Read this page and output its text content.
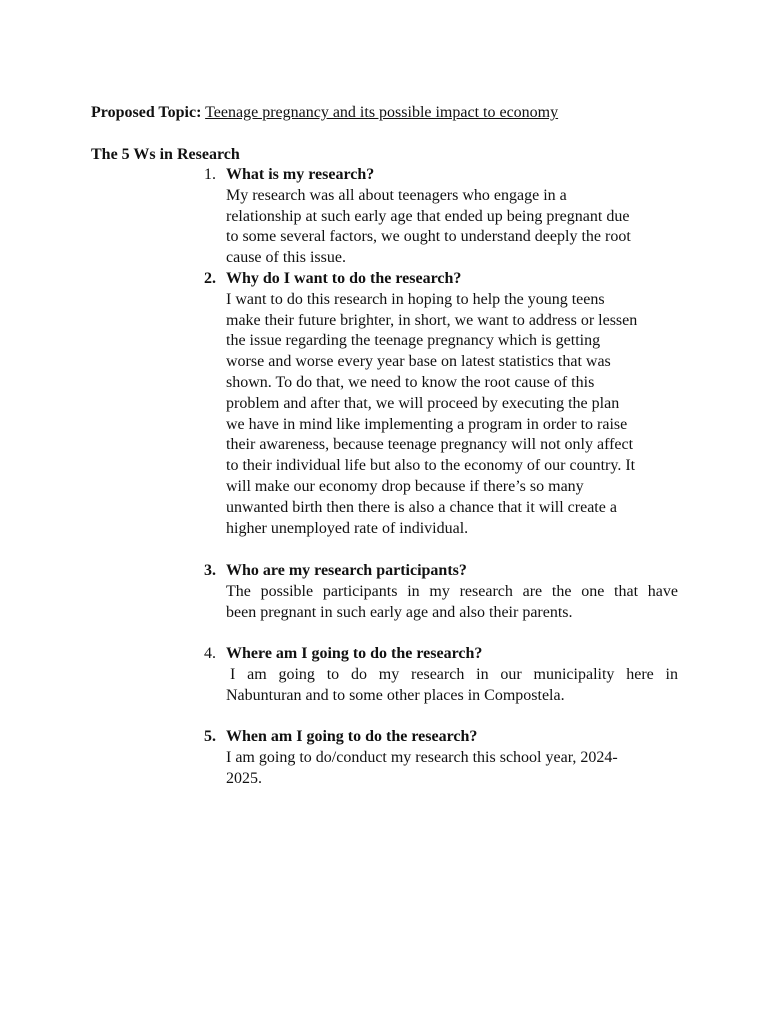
Proposed Topic: Teenage pregnancy and its possible impact to economy
The 5 Ws in Research
1. What is my research?
My research was all about teenagers who engage in a
relationship at such early age that ended up being pregnant due
to some several factors, we ought to understand deeply the root
cause of this issue.
2. Why do I want to do the research?
I want to do this research in hoping to help the young teens
make their future brighter, in short, we want to address or lessen
the issue regarding the teenage pregnancy which is getting
worse and worse every year base on latest statistics that was
shown. To do that, we need to know the root cause of this
problem and after that, we will proceed by executing the plan
we have in mind like implementing a program in order to raise
their awareness, because teenage pregnancy will not only affect
to their individual life but also to the economy of our country. It
will make our economy drop because if there’s so many
unwanted birth then there is also a chance that it will create a
higher unemployed rate of individual.
3. Who are my research participants?
The possible participants in my research are the one that have
been pregnant in such early age and also their parents.
4. Where am I going to do the research?
I am going to do my research in our municipality here in
Nabunturan and to some other places in Compostela.
5. When am I going to do the research?
I am going to do/conduct my research this school year, 2024-
2025.
